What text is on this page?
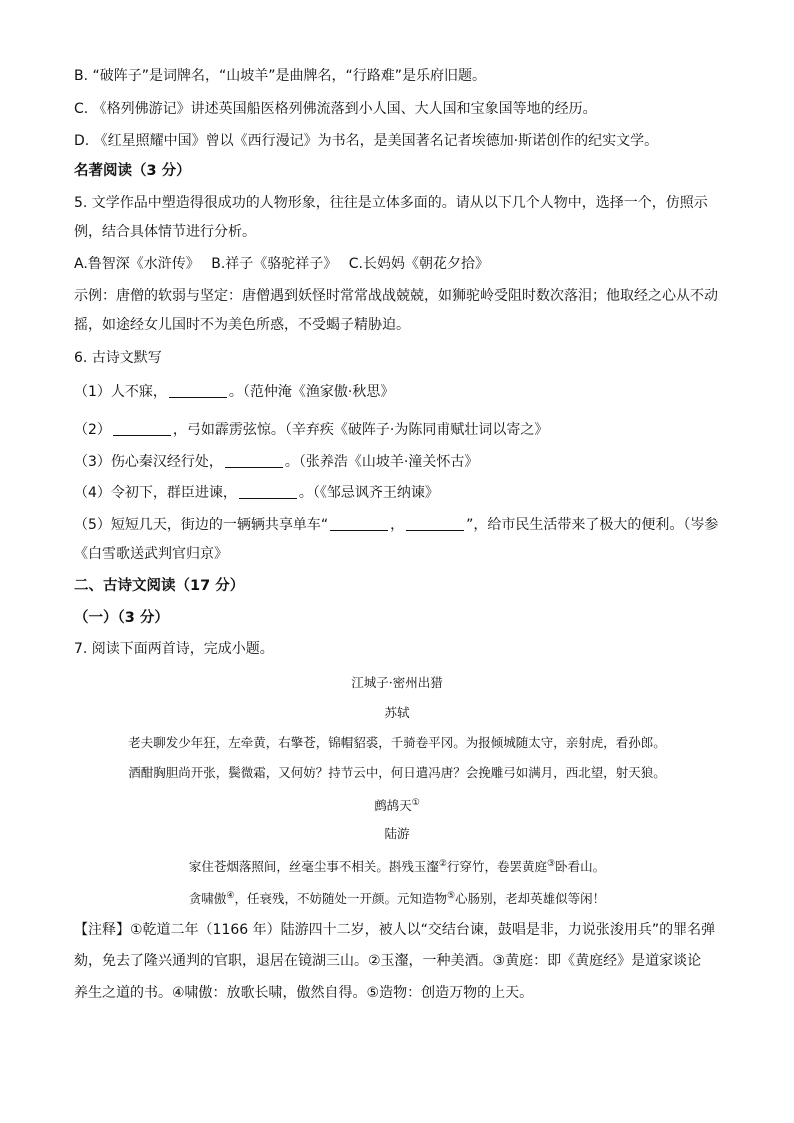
B. “破阵子”是词牌名，“山坡羊”是曲牌名，“行路难”是乐府旧题。
C. 《格列佛游记》讲述英国船医格列佛流落到小人国、大人国和宝象国等地的经历。
D. 《红星照耀中国》曾以《西行漫记》为书名，是美国著名记者埃德加·斯诺创作的纪实文学。
名著阅读（3 分）
5. 文学作品中塑造得很成功的人物形象，往往是立体多面的。请从以下几个人物中，选择一个，仿照示
例，结合具体情节进行分析。
A.鲁智深《水浒传》　 B.祥子《骆驼祥子》　 C.长妈妈《朝花夕拾》
示例：唐僧的软弱与坚定：唐僧遇到妖怪时常常战战兢兢，如狮驼岭受阻时数次落泪；他取经之心从不动
摇，如途经女儿国时不为美色所惑，不受蝎子精胁迫。
6. 古诗文默写
（1）人不寐，	。（范仲淹《渔家傲·秋思》
（2）	，弓如霹雳弦惊。（辛弃疾《破阵子·为陈同甫赋壮词以寄之》
（3）伤心秦汉经行处，	。（张养浩《山坡羊·潼关怀古》
（4）令初下，群臣进谏，	。（《邹忌讽齐王纳谏》
（5）短短几天，街边的一辆辆共享单车“	，	”，给市民生活带来了极大的便利。（岑参
《白雪歌送武判官归京》
二、古诗文阅读（17 分）
（一）（3 分）
7. 阅读下面两首诗，完成小题。
江城子·密州出猎
苏轼
老夫聊发少年狂，左牵黄，右擎苍，锦帽貂裘，千骑卷平冈。为报倾城随太守，亲射虎，看孙郎。
酒酣胸胆尚开张，鬓微霜，又何妨？持节云中，何日遣冯唐？会挽雕弓如满月，西北望，射天狼。
鹧鸪天①
陆游
家住苍烟落照间，丝毫尘事不相关。斟残玉瀣②行穿竹，卷罢黄庭③卧看山。
贪啸傲④，任衰残，不妨随处一开颜。元知造物⑤心肠别，老却英雄似等闲！
【注释】①乾道二年（1166 年）陆游四十二岁，被人以“交结台谏，鼓唱是非，力说张浚用兵”的罪名弹
劾，免去了隆兴通判的官职，退居在镜湖三山。②玉瀣，一种美酒。③黄庭：即《黄庭经》是道家谈论
养生之道的书。④啸傲：放歌长啸，傲然自得。⑤造物：创造万物的上天。
